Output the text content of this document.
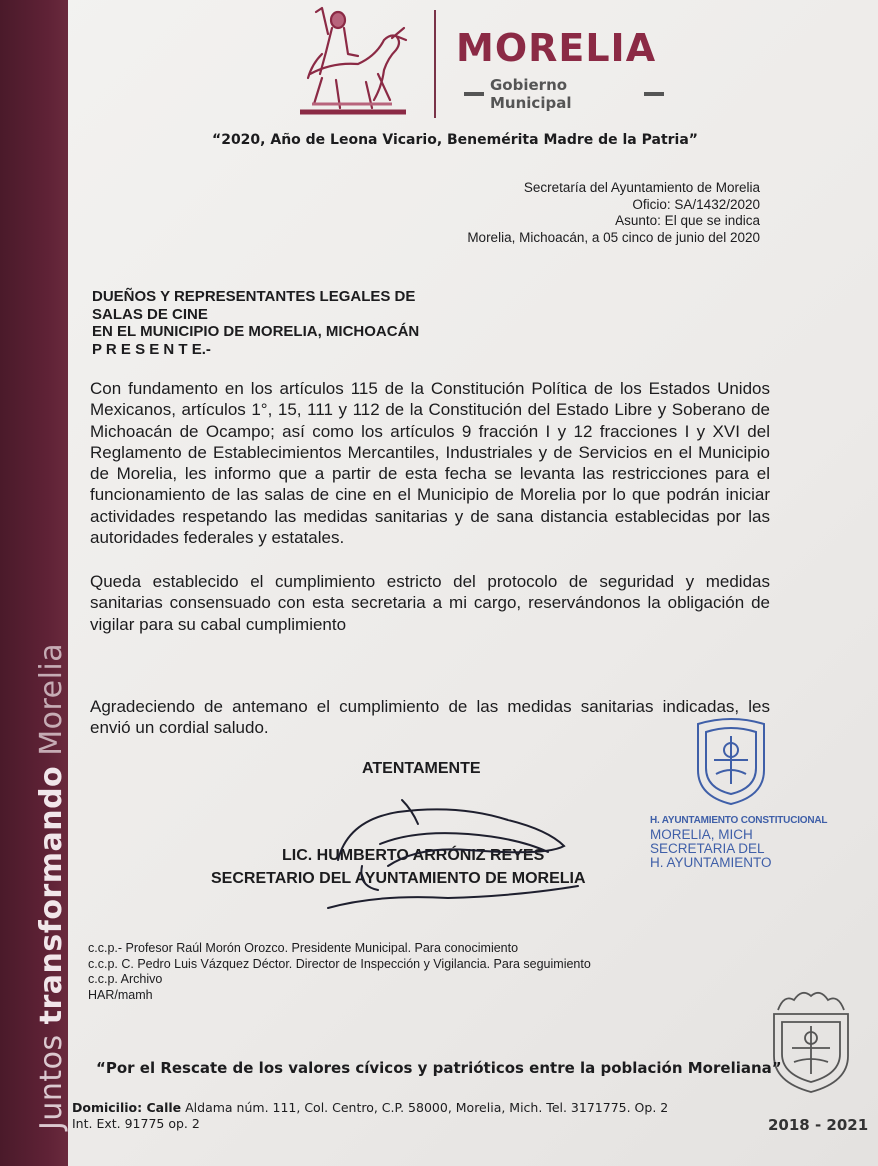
Juntos transformando Morelia
MORELIA
Gobierno Municipal
“2020, Año de Leona Vicario, Benemérita Madre de la Patria”
Secretaría del Ayuntamiento de Morelia
Oficio: SA/1432/2020
Asunto: El que se indica
Morelia, Michoacán, a 05 cinco de junio del 2020
DUEÑOS Y REPRESENTANTES LEGALES DE
SALAS DE CINE
EN EL MUNICIPIO DE MORELIA, MICHOACÁN
P R E S E N T E.-
Con fundamento en los artículos 115 de la Constitución Política de los Estados Unidos Mexicanos, artículos 1°, 15, 111 y 112 de la Constitución del Estado Libre y Soberano de Michoacán de Ocampo; así como los artículos 9 fracción I y 12 fracciones I y XVI del Reglamento de Establecimientos Mercantiles, Industriales y de Servicios en el Municipio de Morelia, les informo que a partir de esta fecha se levanta las restricciones para el funcionamiento de las salas de cine en el Municipio de Morelia por lo que podrán iniciar actividades respetando las medidas sanitarias y de sana distancia establecidas por las autoridades federales y estatales.
Queda establecido el cumplimiento estricto del protocolo de seguridad y medidas sanitarias consensuado con esta secretaria a mi cargo, reservándonos la obligación de vigilar para su cabal cumplimiento
Agradeciendo de antemano el cumplimiento de las medidas sanitarias indicadas, les envió un cordial saludo.
ATENTAMENTE
LIC. HUMBERTO ARRÓNIZ REYES
SECRETARIO DEL AYUNTAMIENTO DE MORELIA
H. AYUNTAMIENTO CONSTITUCIONAL
MORELIA, MICH
SECRETARIA DEL
H. AYUNTAMIENTO
c.c.p.- Profesor Raúl Morón Orozco. Presidente Municipal. Para conocimiento
c.c.p. C. Pedro Luis Vázquez Déctor. Director de Inspección y Vigilancia. Para seguimiento
c.c.p. Archivo
HAR/mamh
“Por el Rescate de los valores cívicos y patrióticos entre la población Moreliana”
Domicilio: Calle Aldama núm. 111, Col. Centro, C.P. 58000, Morelia, Mich. Tel. 3171775. Op. 2
Int. Ext. 91775 op. 2	2018 - 2021
